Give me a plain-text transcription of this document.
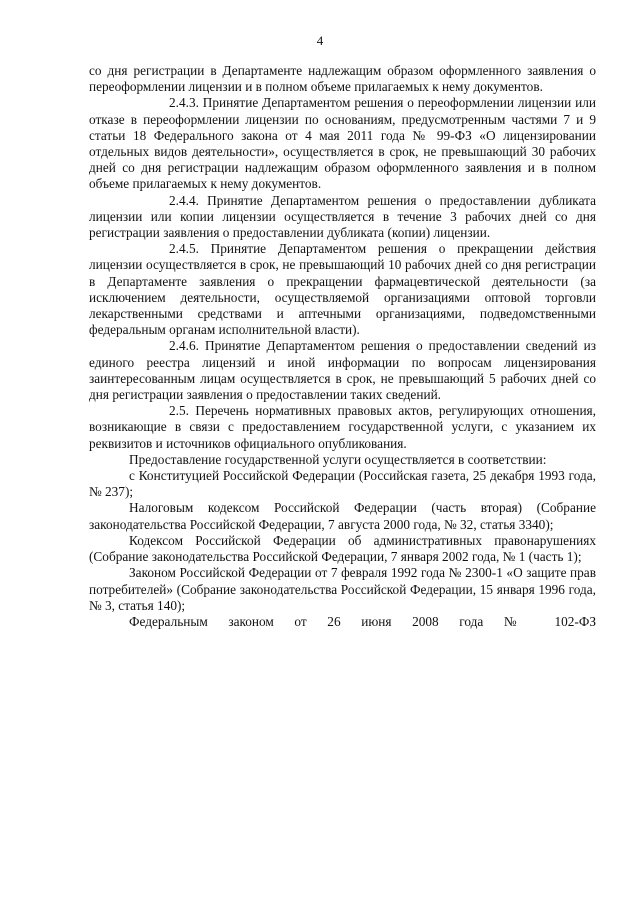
4

со дня регистрации в Департаменте надлежащим образом оформленного заявления о переоформлении лицензии и в полном объеме прилагаемых к нему документов.

2.4.3. Принятие Департаментом решения о переоформлении лицензии или отказе в переоформлении лицензии по основаниям, предусмотренным частями 7 и 9 статьи 18 Федерального закона от 4 мая 2011 года № 99-ФЗ «О лицензировании отдельных видов деятельности», осуществляется в срок, не превышающий 30 рабочих дней со дня регистрации надлежащим образом оформленного заявления и в полном объеме прилагаемых к нему документов.

2.4.4. Принятие Департаментом решения о предоставлении дубликата лицензии или копии лицензии осуществляется в течение 3 рабочих дней со дня регистрации заявления о предоставлении дубликата (копии) лицензии.

2.4.5. Принятие Департаментом решения о прекращении действия лицензии осуществляется в срок, не превышающий 10 рабочих дней со дня регистрации в Департаменте заявления о прекращении фармацевтической деятельности (за исключением деятельности, осуществляемой организациями оптовой торговли лекарственными средствами и аптечными организациями, подведомственными федеральным органам исполнительной власти).

2.4.6. Принятие Департаментом решения о предоставлении сведений из единого реестра лицензий и иной информации по вопросам лицензирования заинтересованным лицам осуществляется в срок, не превышающий 5 рабочих дней со дня регистрации заявления о предоставлении таких сведений.

2.5. Перечень нормативных правовых актов, регулирующих отношения, возникающие в связи с предоставлением государственной услуги, с указанием их реквизитов и источников официального опубликования.

Предоставление государственной услуги осуществляется в соответствии:

с Конституцией Российской Федерации (Российская газета, 25 декабря 1993 года, № 237);

Налоговым кодексом Российской Федерации (часть вторая) (Собрание законодательства Российской Федерации, 7 августа 2000 года, № 32, статья 3340);

Кодексом Российской Федерации об административных правонарушениях (Собрание законодательства Российской Федерации, 7 января 2002 года, № 1 (часть 1);

Законом Российской Федерации от 7 февраля 1992 года № 2300-1 «О защите прав потребителей» (Собрание законодательства Российской Федерации, 15 января 1996 года, № 3, статья 140);

Федеральным законом от 26 июня 2008 года № 102-ФЗ
